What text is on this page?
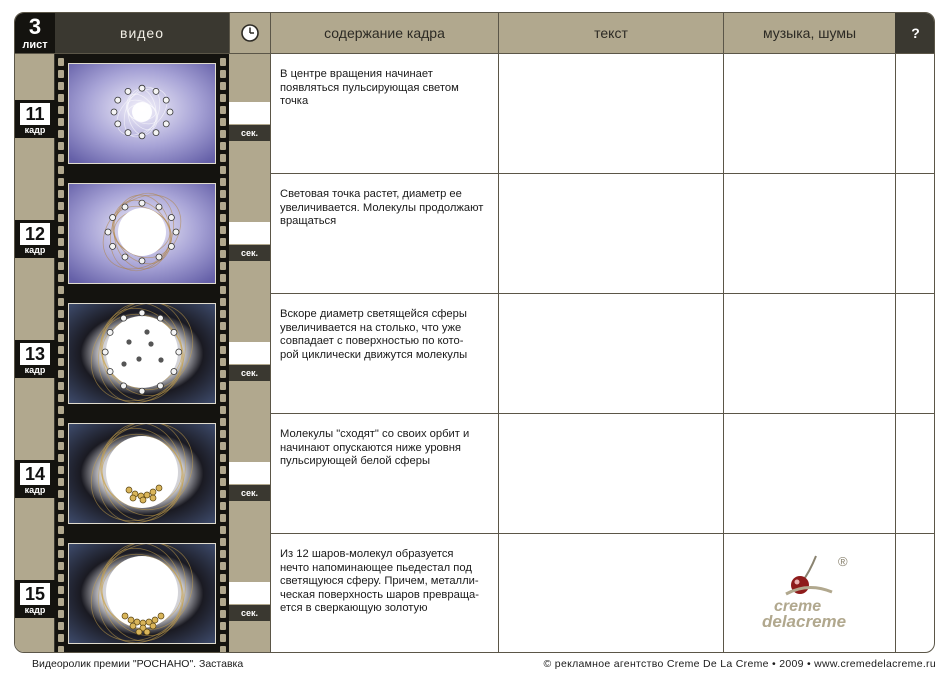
3
лист
видео	содержание кадра	текст	музыка, шумы	?
11
кадр	сек.
В центре вращения начинает
появляться пульсирующая светом
точка
12
кадр	сек.
Световая точка растет, диаметр ее
увеличивается. Молекулы продолжают
вращаться
13
кадр	сек.
Вскоре диаметр светящейся сферы
увеличивается на столько, что уже
совпадает с поверхностью по кото-
рой циклически движутся молекулы
14
кадр	сек.
Молекулы "сходят" со своих орбит и
начинают опускаются ниже уровня
пульсирующей белой сферы
15
кадр	сек.
Из 12 шаров-молекул образуется
нечто напоминающее пьедестал под
светящуюся сферу. Причем, металли-
ческая поверхность шаров превраща-
ется в сверкающую золотую
®
creme
delacreme
Видеоролик премии "РОСНАНО". Заставка	© рекламное агентство Creme De La Creme • 2009 • www.cremedelacreme.ru
